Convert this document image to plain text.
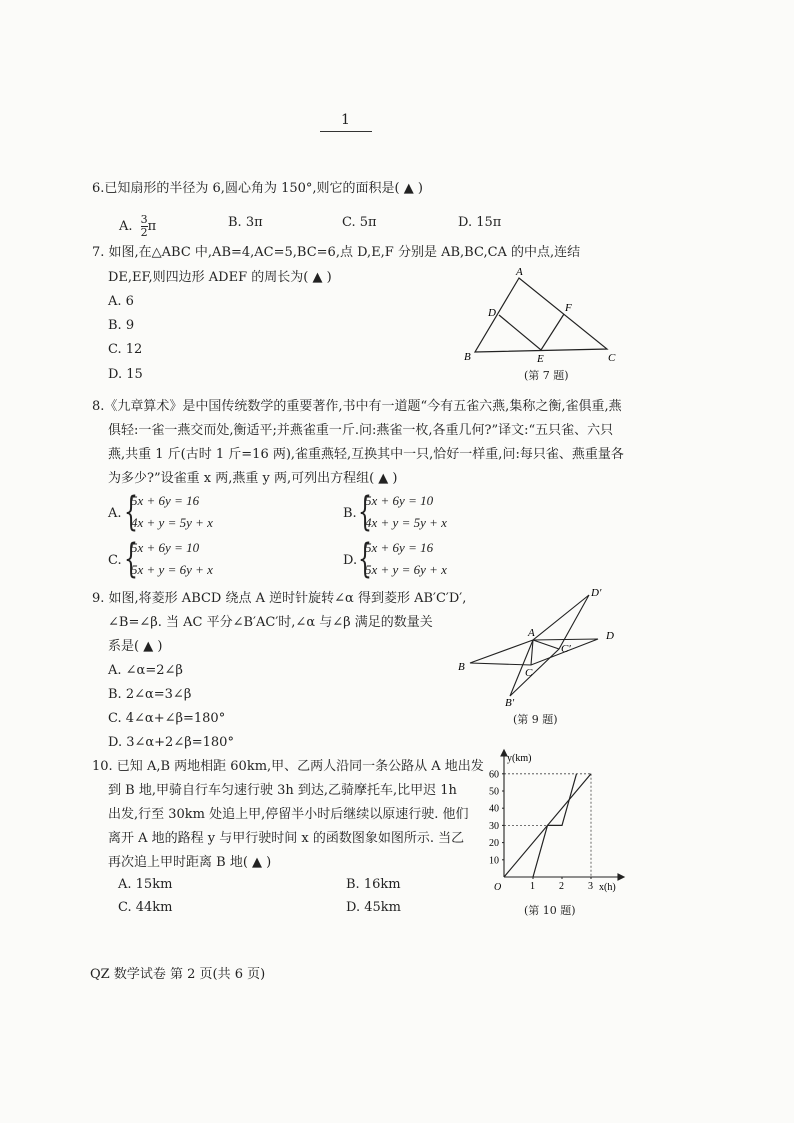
1
6.已知扇形的半径为 6,圆心角为 150°,则它的面积是( ▲ )
A. $\frac{3}{2}$ π	B. 3π	C. 5π	D. 15π
7. 如图,在△ABC 中,AB=4,AC=5,BC=6,点 D,E,F 分别是 AB,BC,CA 的中点,连结
DE,EF,则四边形 ADEF 的周长为( ▲ )
A. 6
B. 9
C. 12
D. 15
A
F
D
B	E	C
(第 7 题)
8.《九章算术》是中国传统数学的重要著作,书中有一道题“今有五雀六燕,集称之衡,雀俱重,燕
俱轻:一雀一燕交而处,衡适平;并燕雀重一斤.问:燕雀一枚,各重几何?”译文:“五只雀、六只
燕,共重 1 斤(古时 1 斤=16 两),雀重燕轻,互换其中一只,恰好一样重,问:每只雀、燕重量各
为多少?”设雀重 x 两,燕重 y 两,可列出方程组( ▲ )
A. {
5x + 6y = 16
4x + y = 5y + x
B. {
5x + 6y = 10
4x + y = 5y + x
C. {
5x + 6y = 10
5x + y = 6y + x
D. {
5x + 6y = 16
5x + y = 6y + x
9. 如图,将菱形 ABCD 绕点 A 逆时针旋转∠α 得到菱形 AB′C′D′,
∠B=∠β. 当 AC 平分∠B′AC′时,∠α 与∠β 满足的数量关
系是( ▲ )
A. ∠α=2∠β
B. 2∠α=3∠β
C. 4∠α+∠β=180°
D. 3∠α+2∠β=180°
D′
A	D
C′
B	C
B′
(第 9 题)
10. 已知 A,B 两地相距 60km,甲、乙两人沿同一条公路从 A 地出发
到 B 地,甲骑自行车匀速行驶 3h 到达,乙骑摩托车,比甲迟 1h
出发,行至 30km 处追上甲,停留半小时后继续以原速行驶. 他们
离开 A 地的路程 y 与甲行驶时间 x 的函数图象如图所示. 当乙
再次追上甲时距离 B 地( ▲ )
A. 15km	B. 16km
C. 44km	D. 45km
10
20
30
40
50
60
1 2 3
y(km)
x(h)
O
(第 10 题)
QZ 数学试卷 第 2 页(共 6 页)
